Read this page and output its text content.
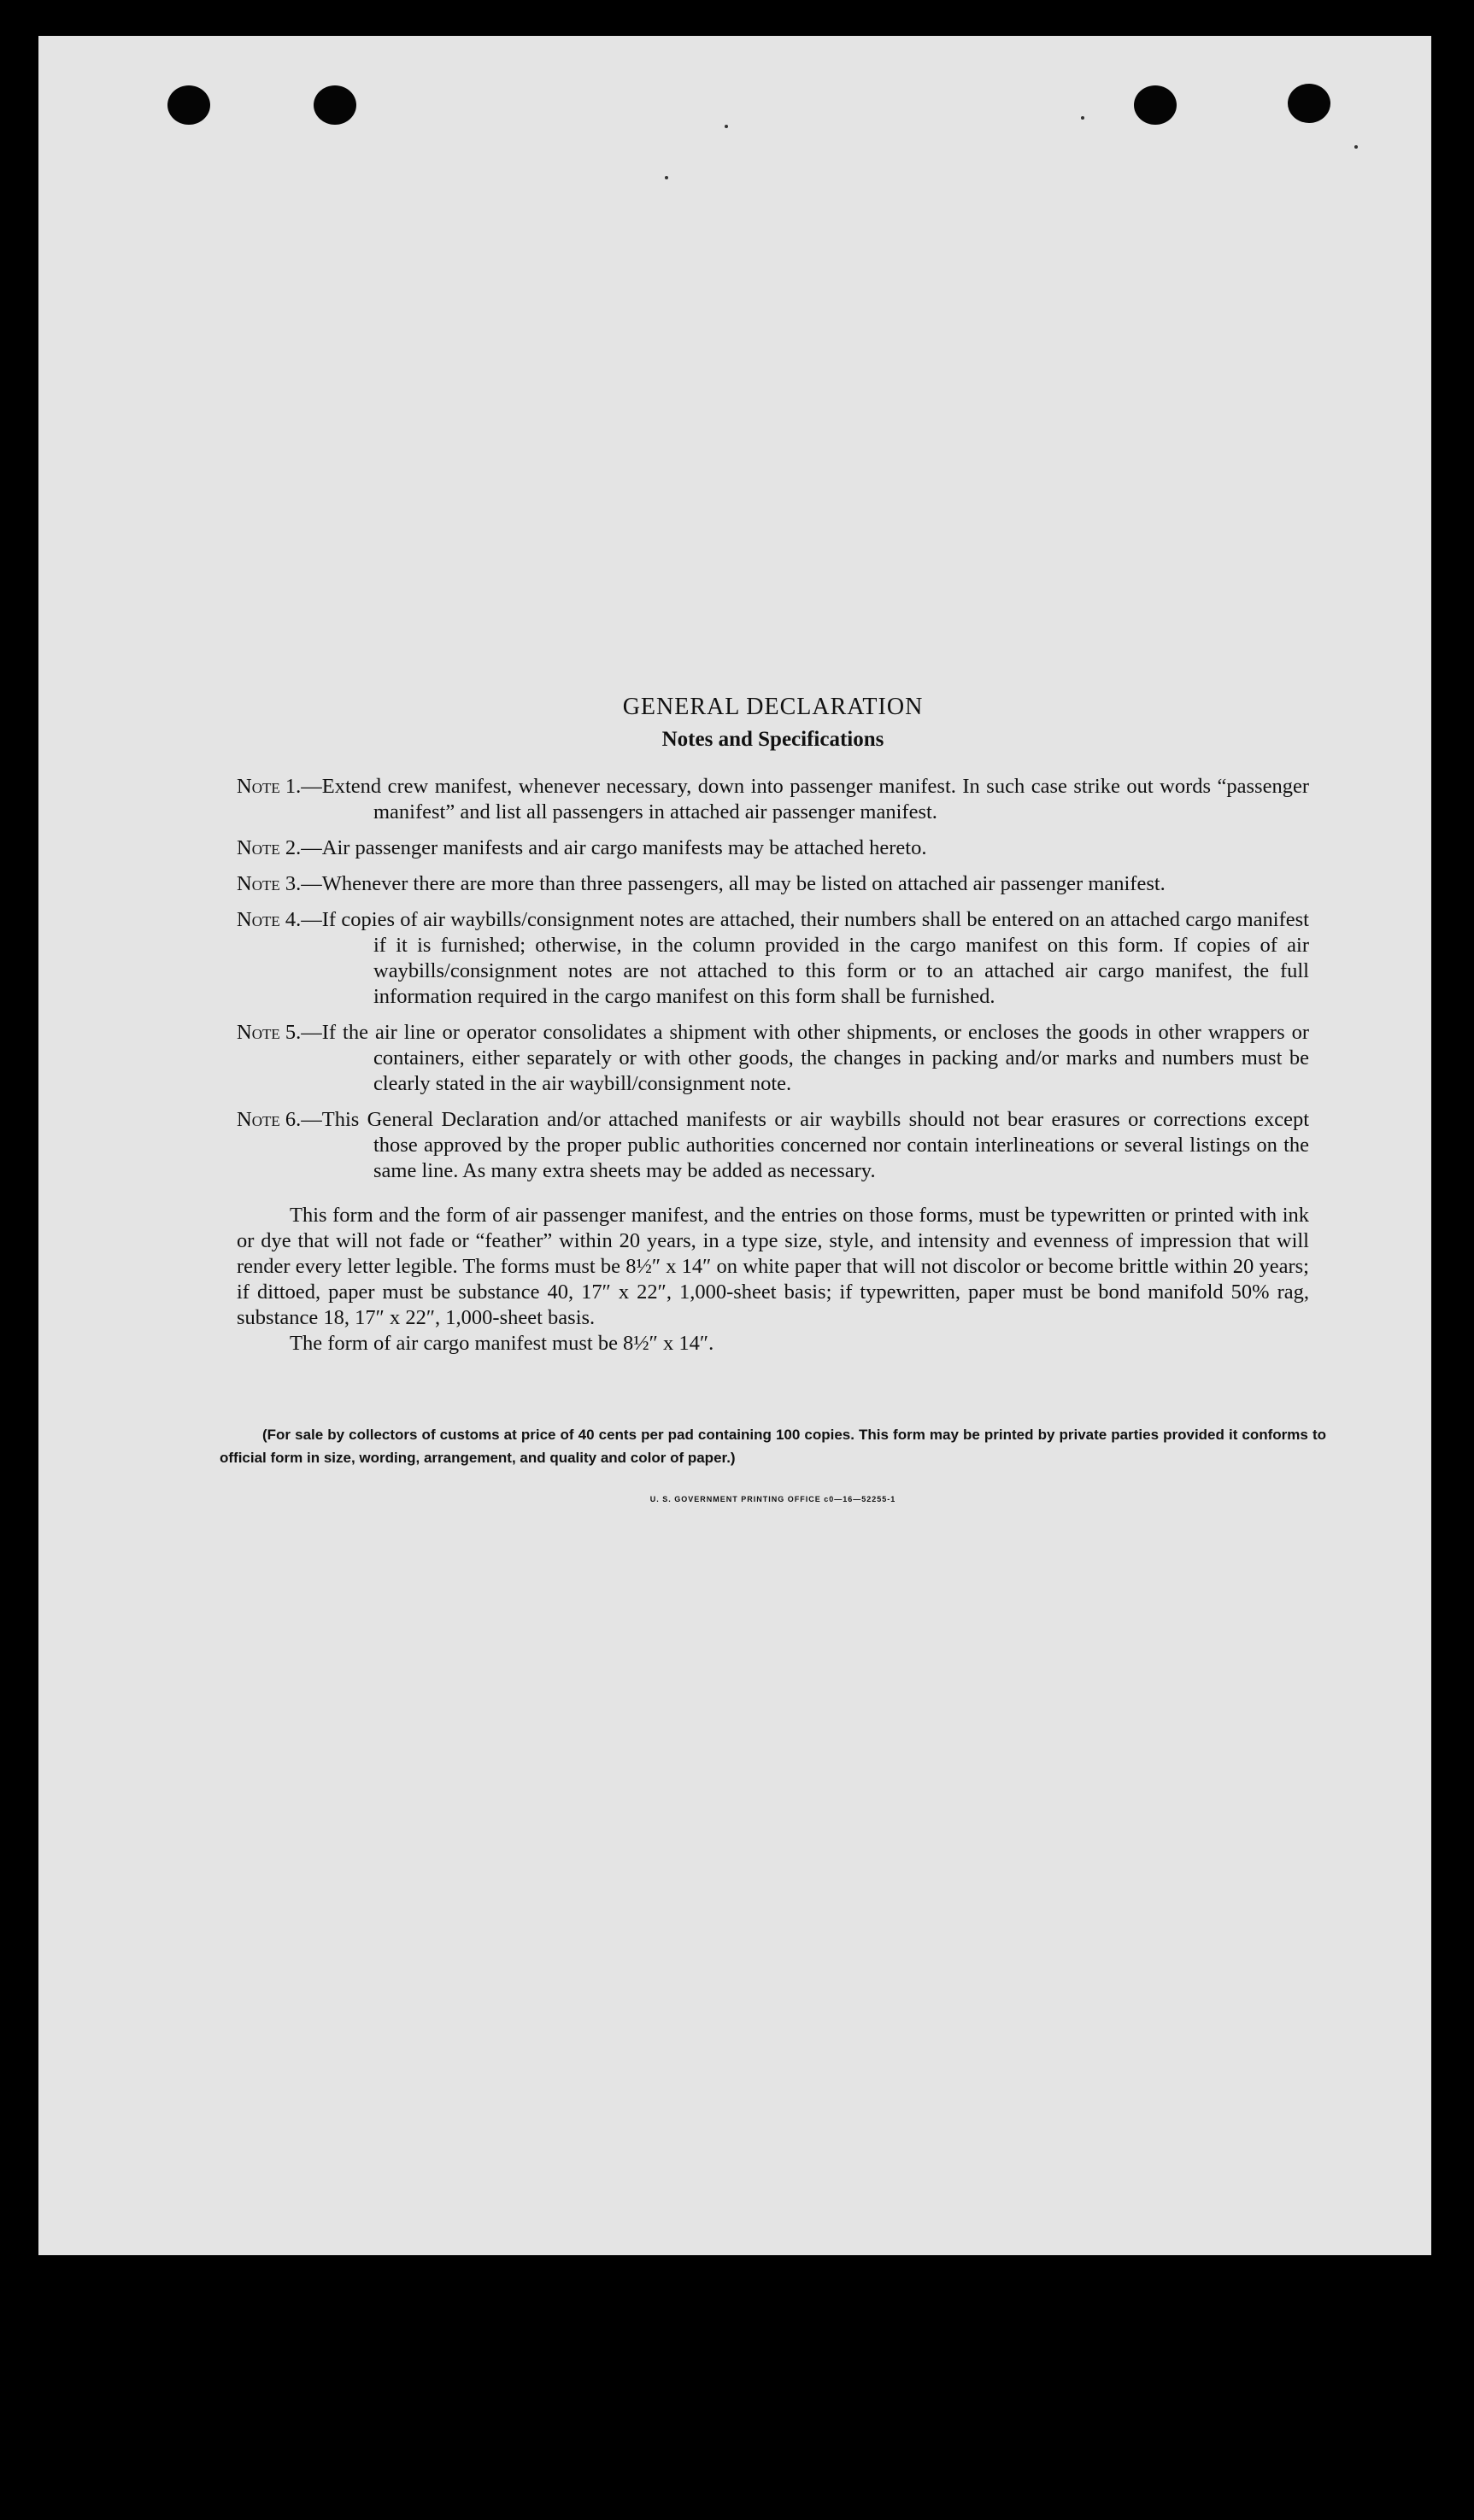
GENERAL DECLARATION
Notes and Specifications
Note 1.—Extend crew manifest, whenever necessary, down into passenger manifest. In such case strike out words “passenger manifest” and list all passengers in attached air passenger manifest.
Note 2.—Air passenger manifests and air cargo manifests may be attached hereto.
Note 3.—Whenever there are more than three passengers, all may be listed on attached air passenger manifest.
Note 4.—If copies of air waybills/consignment notes are attached, their numbers shall be entered on an attached cargo manifest if it is furnished; otherwise, in the column provided in the cargo manifest on this form. If copies of air waybills/consignment notes are not attached to this form or to an attached air cargo manifest, the full information required in the cargo manifest on this form shall be furnished.
Note 5.—If the air line or operator consolidates a shipment with other shipments, or encloses the goods in other wrappers or containers, either separately or with other goods, the changes in packing and/or marks and numbers must be clearly stated in the air waybill/consignment note.
Note 6.—This General Declaration and/or attached manifests or air waybills should not bear erasures or corrections except those approved by the proper public authorities concerned nor contain interlineations or several listings on the same line. As many extra sheets may be added as necessary.

This form and the form of air passenger manifest, and the entries on those forms, must be typewritten or printed with ink or dye that will not fade or “feather” within 20 years, in a type size, style, and intensity and evenness of impression that will render every letter legible. The forms must be 8½″ x 14″ on white paper that will not discolor or become brittle within 20 years; if dittoed, paper must be substance 40, 17″ x 22″, 1,000-sheet basis; if typewritten, paper must be bond manifold 50% rag, substance 18, 17″ x 22″, 1,000-sheet basis.

The form of air cargo manifest must be 8½″ x 14″.

(For sale by collectors of customs at price of 40 cents per pad containing 100 copies. This form may be printed by private parties provided it conforms to official form in size, wording, arrangement, and quality and color of paper.)

U. S. GOVERNMENT PRINTING OFFICE c0—16—52255-1
